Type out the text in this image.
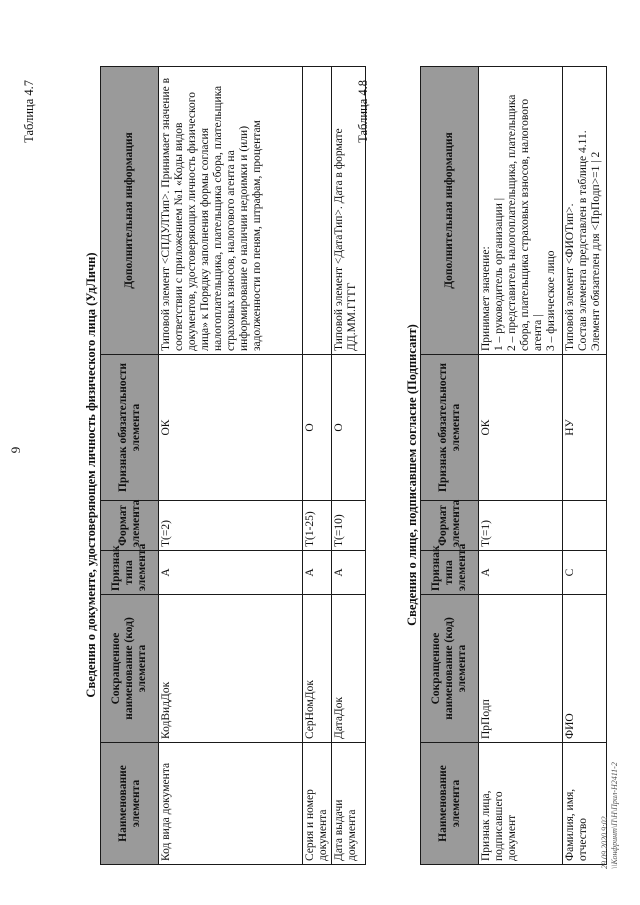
9
Таблица 4.7
Сведения о документе, удостоверяющем личность физического лица (УдЛичн)
Наименование элемента	Сокращенное наименование (код) элемента	Признак типа элемента	Формат элемента	Признак обязательности элемента	Дополнительная информация
Код вида документа	КодВидДок	А	Т(=2)	ОК	Типовой элемент <СПДУЛТип>. Принимает значение в соответствии с приложением №1 «Коды видов документов, удостоверяющих личность физического лица» к Порядку заполнения формы согласия налогоплательщика, плательщика сбора, плательщика страховых взносов, налогового агента на информирование о наличии недоимки и (или) задолженности по пеням, штрафам, процентам
Серия и номер документа	СерНомДок	А	Т(1-25)	О	
Дата выдачи документа	ДатаДок	А	Т(=10)	О	Типовой элемент <ДатаТип>. Дата в формате ДД.ММ.ГГГГ
Таблица 4.8
Сведения о лице, подписавшем согласие (Подписант)
Наименование элемента	Сокращенное наименование (код) элемента	Признак типа элемента	Формат элемента	Признак обязательности элемента	Дополнительная информация
Признак лица, подписавшего документ	ПрПодп	А	Т(=1)	ОК	Принимает значение: 1 – руководитель организации | 2 – представитель налогоплательщика, плательщика сбора, плательщика страховых взносов, налогового агента | 3 – физическое лицо

Фамилия, имя, отчество	ФИО	С		НУ	Типовой элемент <ФИОТип>. Состав элемента представлен в таблице 4.11. Элемент обязателен для <ПрПодп>=1 | 2
29.09.2020 9:02 \\Конфринт\П\Н\Прил-Н2411-2
